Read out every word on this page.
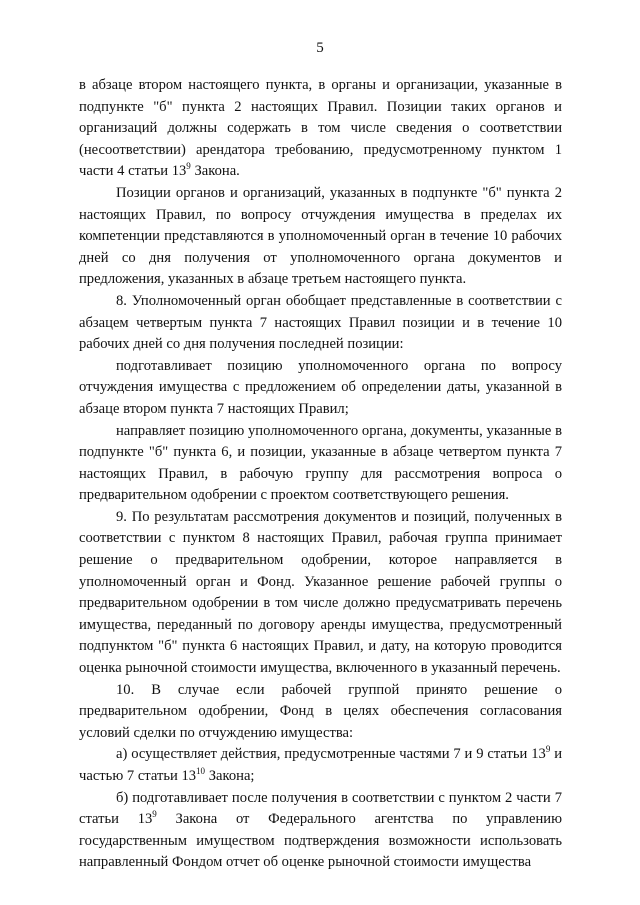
5

в абзаце втором настоящего пункта, в органы и организации, указанные в подпункте "б" пункта 2 настоящих Правил. Позиции таких органов и организаций должны содержать в том числе сведения о соответствии (несоответствии) арендатора требованию, предусмотренному пунктом 1 части 4 статьи $13^9$ Закона.

Позиции органов и организаций, указанных в подпункте "б" пункта 2 настоящих Правил, по вопросу отчуждения имущества в пределах их компетенции представляются в уполномоченный орган в течение 10 рабочих дней со дня получения от уполномоченного органа документов и предложения, указанных в абзаце третьем настоящего пункта.

8. Уполномоченный орган обобщает представленные в соответствии с абзацем четвертым пункта 7 настоящих Правил позиции и в течение 10 рабочих дней со дня получения последней позиции:

подготавливает позицию уполномоченного органа по вопросу отчуждения имущества с предложением об определении даты, указанной в абзаце втором пункта 7 настоящих Правил;

направляет позицию уполномоченного органа, документы, указанные в подпункте "б" пункта 6, и позиции, указанные в абзаце четвертом пункта 7 настоящих Правил, в рабочую группу для рассмотрения вопроса о предварительном одобрении с проектом соответствующего решения.

9. По результатам рассмотрения документов и позиций, полученных в соответствии с пунктом 8 настоящих Правил, рабочая группа принимает решение о предварительном одобрении, которое направляется в уполномоченный орган и Фонд. Указанное решение рабочей группы о предварительном одобрении в том числе должно предусматривать перечень имущества, переданный по договору аренды имущества, предусмотренный подпунктом "б" пункта 6 настоящих Правил, и дату, на которую проводится оценка рыночной стоимости имущества, включенного в указанный перечень.

10. В случае если рабочей группой принято решение о предварительном одобрении, Фонд в целях обеспечения согласования условий сделки по отчуждению имущества:

а) осуществляет действия, предусмотренные частями 7 и 9 статьи $13^9$ и частью 7 статьи $13^{10}$ Закона;

б) подготавливает после получения в соответствии с пунктом 2 части 7 статьи $13^9$ Закона от Федерального агентства по управлению государственным имуществом подтверждения возможности использовать направленный Фондом отчет об оценке рыночной стоимости имущества
